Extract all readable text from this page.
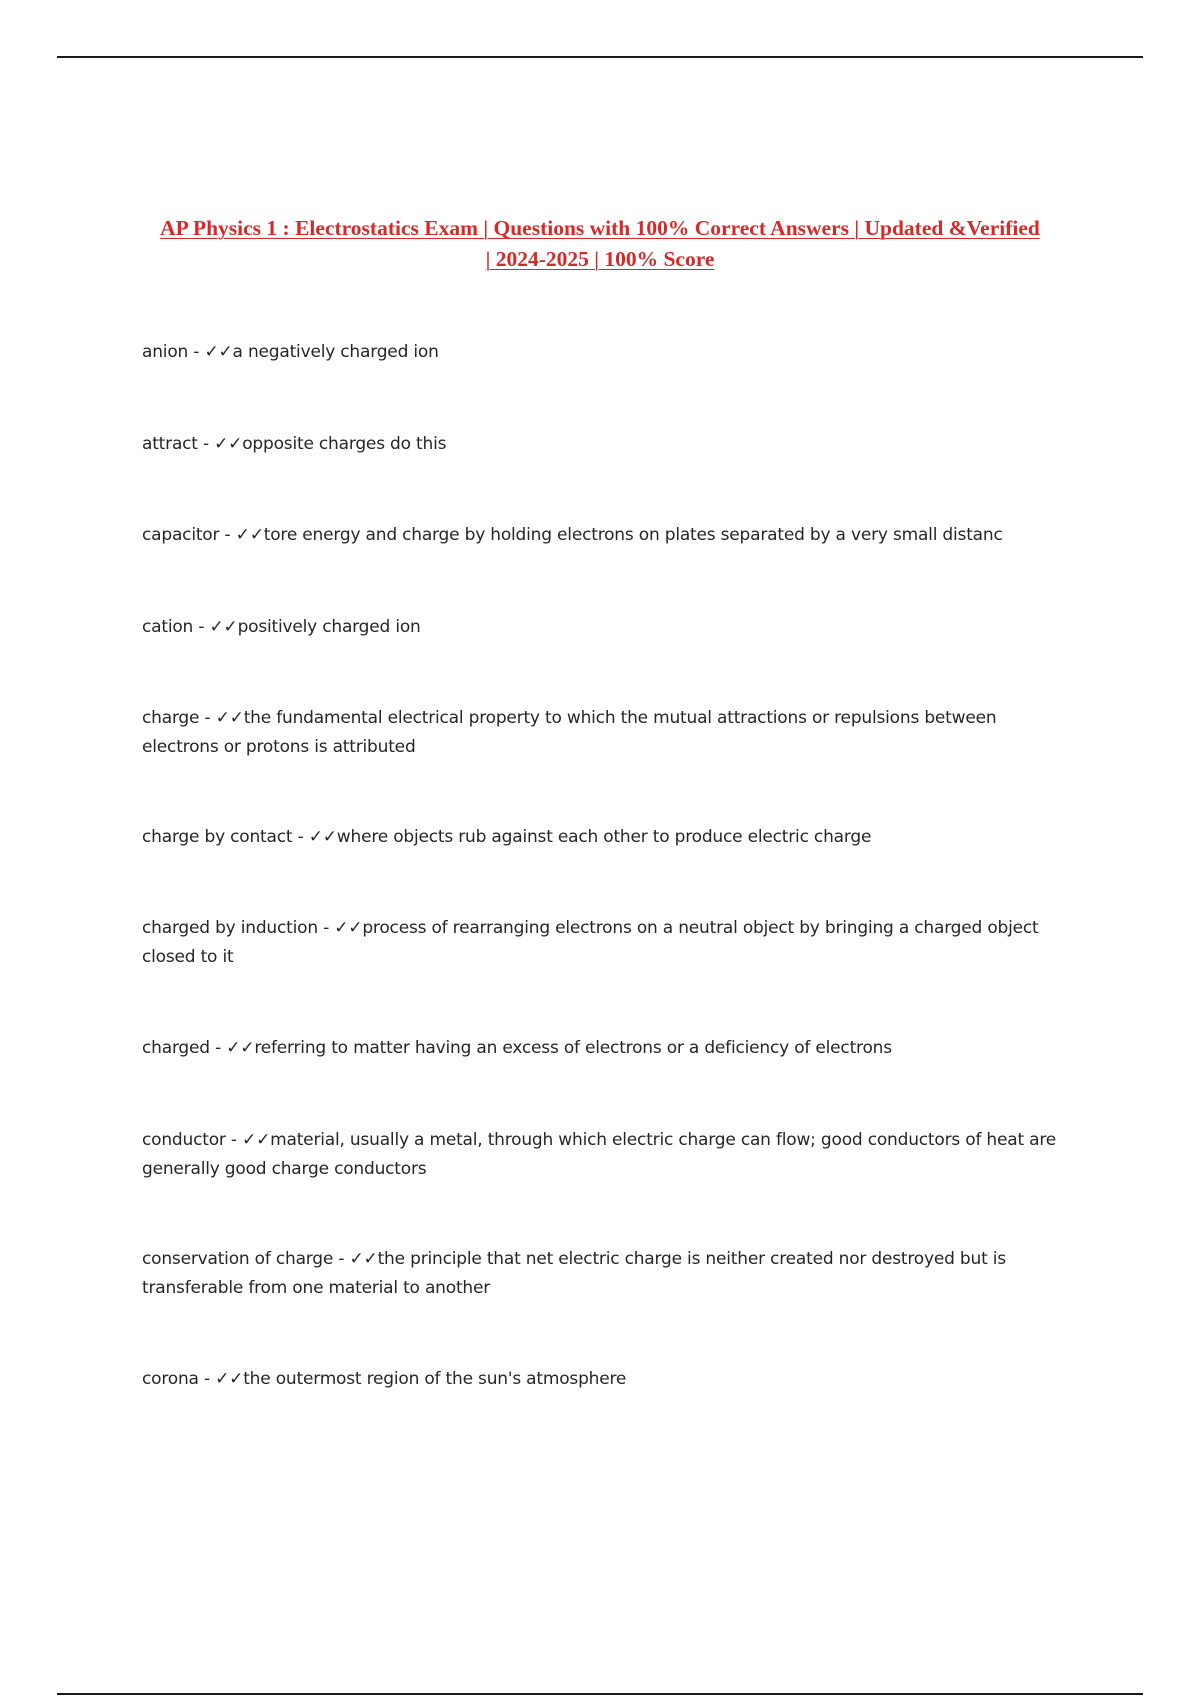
AP Physics 1 : Electrostatics Exam | Questions with 100% Correct Answers | Updated &Verified | 2024-2025 | 100% Score
anion - ✓✓a negatively charged ion
attract - ✓✓opposite charges do this
capacitor - ✓✓tore energy and charge by holding electrons on plates separated by a very small distanc
cation - ✓✓positively charged ion
charge - ✓✓the fundamental electrical property to which the mutual attractions or repulsions between electrons or protons is attributed
charge by contact - ✓✓where objects rub against each other to produce electric charge
charged by induction - ✓✓process of rearranging electrons on a neutral object by bringing a charged object closed to it
charged - ✓✓referring to matter having an excess of electrons or a deficiency of electrons
conductor - ✓✓material, usually a metal, through which electric charge can flow; good conductors of heat are generally good charge conductors
conservation of charge - ✓✓the principle that net electric charge is neither created nor destroyed but is transferable from one material to another
corona - ✓✓the outermost region of the sun's atmosphere
